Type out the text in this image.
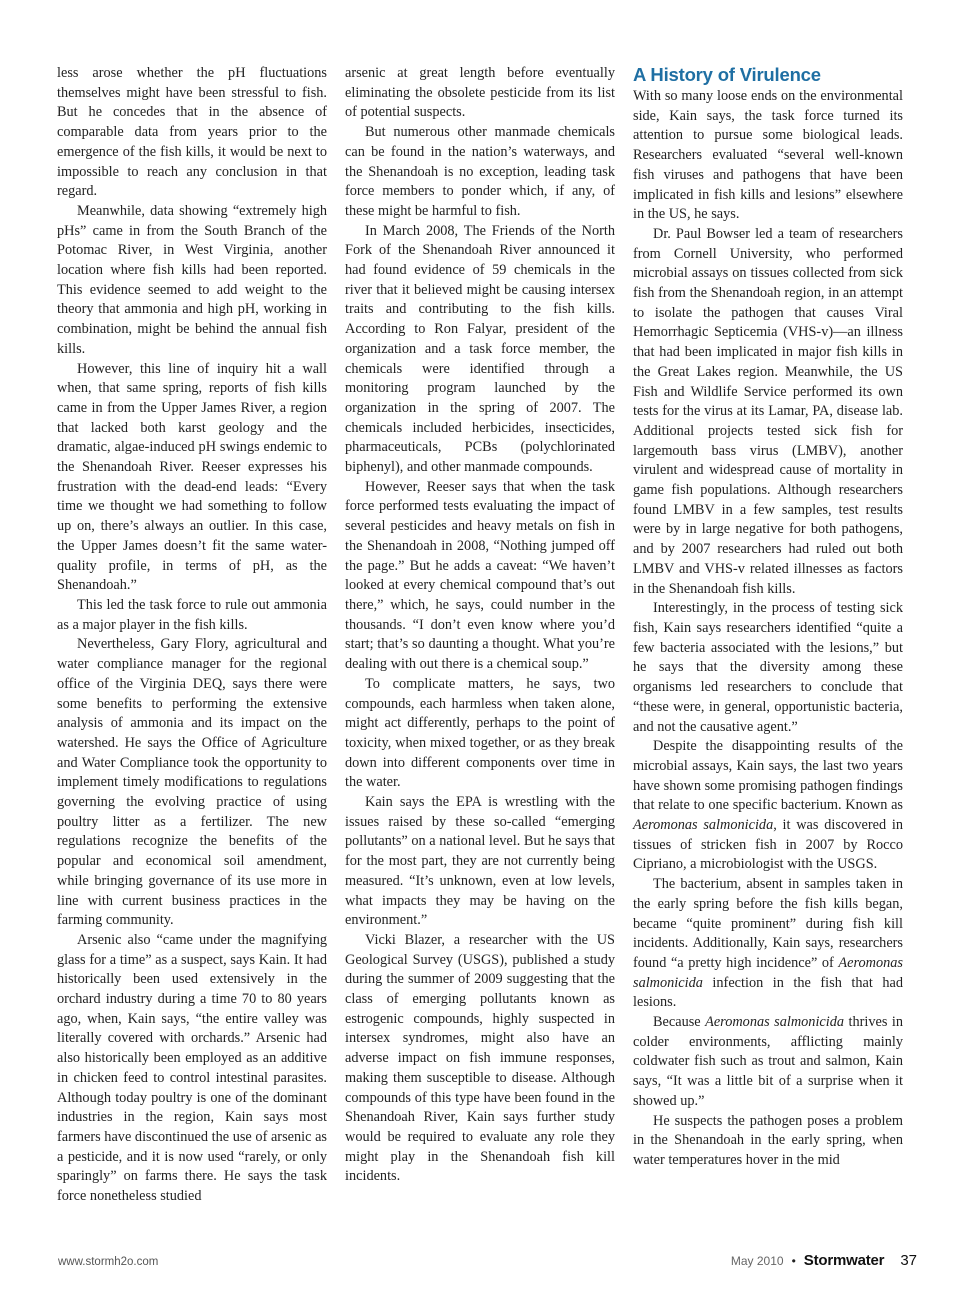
less arose whether the pH fluctuations themselves might have been stressful to fish. But he concedes that in the absence of comparable data from years prior to the emergence of the fish kills, it would be next to impossible to reach any conclusion in that regard.

Meanwhile, data showing “extremely high pHs” came in from the South Branch of the Potomac River, in West Virginia, another location where fish kills had been reported. This evidence seemed to add weight to the theory that ammonia and high pH, working in combination, might be behind the annual fish kills.

However, this line of inquiry hit a wall when, that same spring, reports of fish kills came in from the Upper James River, a region that lacked both karst geology and the dramatic, algae-induced pH swings endemic to the Shenandoah River. Reeser expresses his frustration with the dead-end leads: “Every time we thought we had something to follow up on, there’s always an outlier. In this case, the Upper James doesn’t fit the same water-quality profile, in terms of pH, as the Shenandoah.”

This led the task force to rule out ammonia as a major player in the fish kills.

Nevertheless, Gary Flory, agricultural and water compliance manager for the regional office of the Virginia DEQ, says there were some benefits to performing the extensive analysis of ammonia and its impact on the watershed. He says the Office of Agriculture and Water Compliance took the opportunity to implement timely modifications to regulations governing the evolving practice of using poultry litter as a fertilizer. The new regulations recognize the benefits of the popular and economical soil amendment, while bringing governance of its use more in line with current business practices in the farming community.

Arsenic also “came under the magnifying glass for a time” as a suspect, says Kain. It had historically been used extensively in the orchard industry during a time 70 to 80 years ago, when, Kain says, “the entire valley was literally covered with orchards.” Arsenic had also historically been employed as an additive in chicken feed to control intestinal parasites. Although today poultry is one of the dominant industries in the region, Kain says most farmers have discontinued the use of arsenic as a pesticide, and it is now used “rarely, or only sparingly” on farms there. He says the task force nonetheless studied

arsenic at great length before eventually eliminating the obsolete pesticide from its list of potential suspects.

But numerous other manmade chemicals can be found in the nation’s waterways, and the Shenandoah is no exception, leading task force members to ponder which, if any, of these might be harmful to fish.

In March 2008, The Friends of the North Fork of the Shenandoah River announced it had found evidence of 59 chemicals in the river that it believed might be causing intersex traits and contributing to the fish kills. According to Ron Falyar, president of the organization and a task force member, the chemicals were identified through a monitoring program launched by the organization in the spring of 2007. The chemicals included herbicides, insecticides, pharmaceuticals, PCBs (polychlorinated biphenyl), and other manmade compounds.

However, Reeser says that when the task force performed tests evaluating the impact of several pesticides and heavy metals on fish in the Shenandoah in 2008, “Nothing jumped off the page.” But he adds a caveat: “We haven’t looked at every chemical compound that’s out there,” which, he says, could number in the thousands. “I don’t even know where you’d start; that’s so daunting a thought. What you’re dealing with out there is a chemical soup.”

To complicate matters, he says, two compounds, each harmless when taken alone, might act differently, perhaps to the point of toxicity, when mixed together, or as they break down into different components over time in the water.

Kain says the EPA is wrestling with the issues raised by these so-called “emerging pollutants” on a national level. But he says that for the most part, they are not currently being measured. “It’s unknown, even at low levels, what impacts they may be having on the environment.”

Vicki Blazer, a researcher with the US Geological Survey (USGS), published a study during the summer of 2009 suggesting that the class of emerging pollutants known as estrogenic compounds, highly suspected in intersex syndromes, might also have an adverse impact on fish immune responses, making them susceptible to disease. Although compounds of this type have been found in the Shenandoah River, Kain says further study would be required to evaluate any role they might play in the Shenandoah fish kill incidents.

A History of Virulence

With so many loose ends on the environmental side, Kain says, the task force turned its attention to pursue some biological leads. Researchers evaluated “several well-known fish viruses and pathogens that have been implicated in fish kills and lesions” elsewhere in the US, he says.

Dr. Paul Bowser led a team of researchers from Cornell University, who performed microbial assays on tissues collected from sick fish from the Shenandoah region, in an attempt to isolate the pathogen that causes Viral Hemorrhagic Septicemia (VHS-v)—an illness that had been implicated in major fish kills in the Great Lakes region. Meanwhile, the US Fish and Wildlife Service performed its own tests for the virus at its Lamar, PA, disease lab. Additional projects tested sick fish for largemouth bass virus (LMBV), another virulent and widespread cause of mortality in game fish populations. Although researchers found LMBV in a few samples, test results were by in large negative for both pathogens, and by 2007 researchers had ruled out both LMBV and VHS-v related illnesses as factors in the Shenandoah fish kills.

Interestingly, in the process of testing sick fish, Kain says researchers identified “quite a few bacteria associated with the lesions,” but he says that the diversity among these organisms led researchers to conclude that “these were, in general, opportunistic bacteria, and not the causative agent.”

Despite the disappointing results of the microbial assays, Kain says, the last two years have shown some promising pathogen findings that relate to one specific bacterium. Known as Aeromonas salmonicida, it was discovered in tissues of stricken fish in 2007 by Rocco Cipriano, a microbiologist with the USGS.

The bacterium, absent in samples taken in the early spring before the fish kills began, became “quite prominent” during fish kill incidents. Additionally, Kain says, researchers found “a pretty high incidence” of Aeromonas salmonicida infection in the fish that had lesions.

Because Aeromonas salmonicida thrives in colder environments, afflicting mainly coldwater fish such as trout and salmon, Kain says, “It was a little bit of a surprise when it showed up.”

He suspects the pathogen poses a problem in the Shenandoah in the early spring, when water temperatures hover in the mid

www.stormh2o.com	May 2010 • Stormwater 37
